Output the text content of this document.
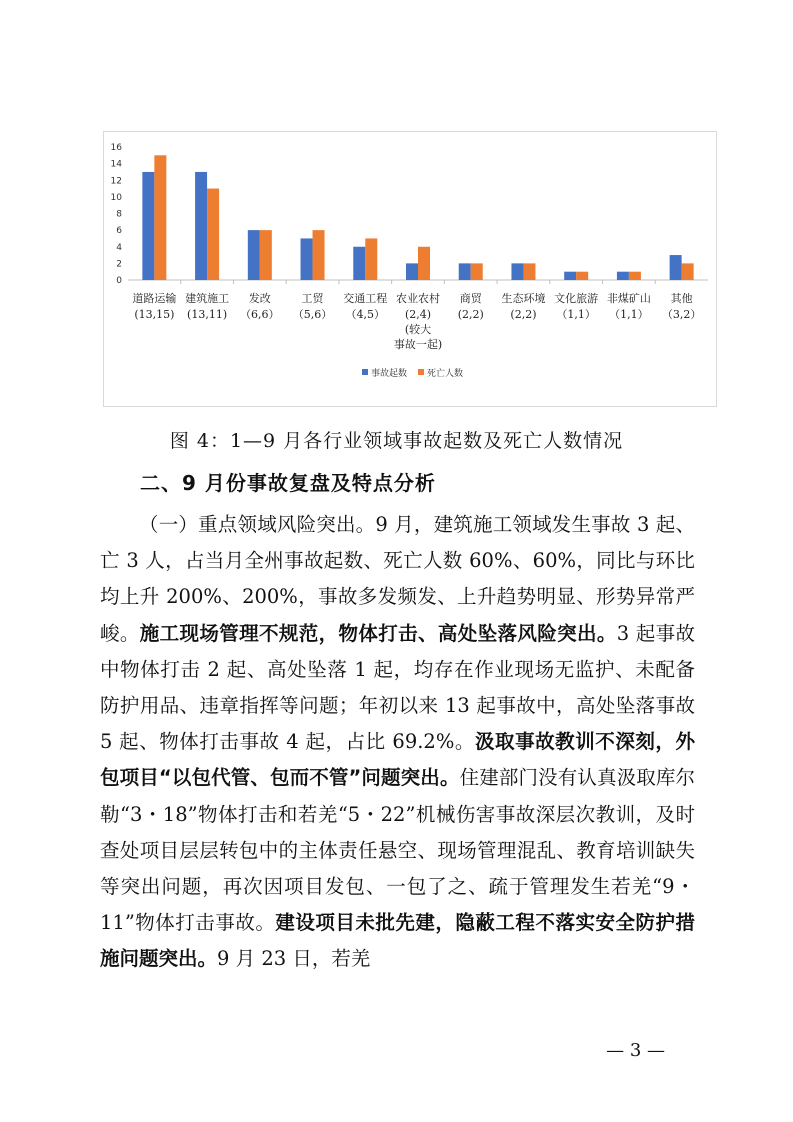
0
2
4
6
8
10
12
14
16
道路运输
(13,15)
建筑施工
(13,11)
发改
（6,6）
工贸
（5,6）
交通工程
（4,5）
农业农村
(2,4)
(较大
事故一起)
商贸
(2,2)
生态环境
(2,2)
文化旅游
（1,1）
非煤矿山
（1,1）
其他
（3,2）
事故起数 死亡人数
图 4：1—9 月各行业领域事故起数及死亡人数情况
二、9 月份事故复盘及特点分析
（一）重点领域风险突出。9 月，建筑施工领域发生事故 3 起、亡 3 人，占当月全州事故起数、死亡人数 60%、60%，同比与环比均上升 200%、200%，事故多发频发、上升趋势明显、形势异常严峻。施工现场管理不规范，物体打击、高处坠落风险突出。3 起事故中物体打击 2 起、高处坠落 1 起，均存在作业现场无监护、未配备防护用品、违章指挥等问题；年初以来 13 起事故中，高处坠落事故 5 起、物体打击事故 4 起，占比 69.2%。汲取事故教训不深刻，外包项目“以包代管、包而不管”问题突出。住建部门没有认真汲取库尔勒“3・18”物体打击和若羌“5・22”机械伤害事故深层次教训，及时查处项目层层转包中的主体责任悬空、现场管理混乱、教育培训缺失等突出问题，再次因项目发包、一包了之、疏于管理发生若羌“9・11”物体打击事故。建设项目未批先建，隐蔽工程不落实安全防护措施问题突出。9 月 23 日，若羌
— 3 —
